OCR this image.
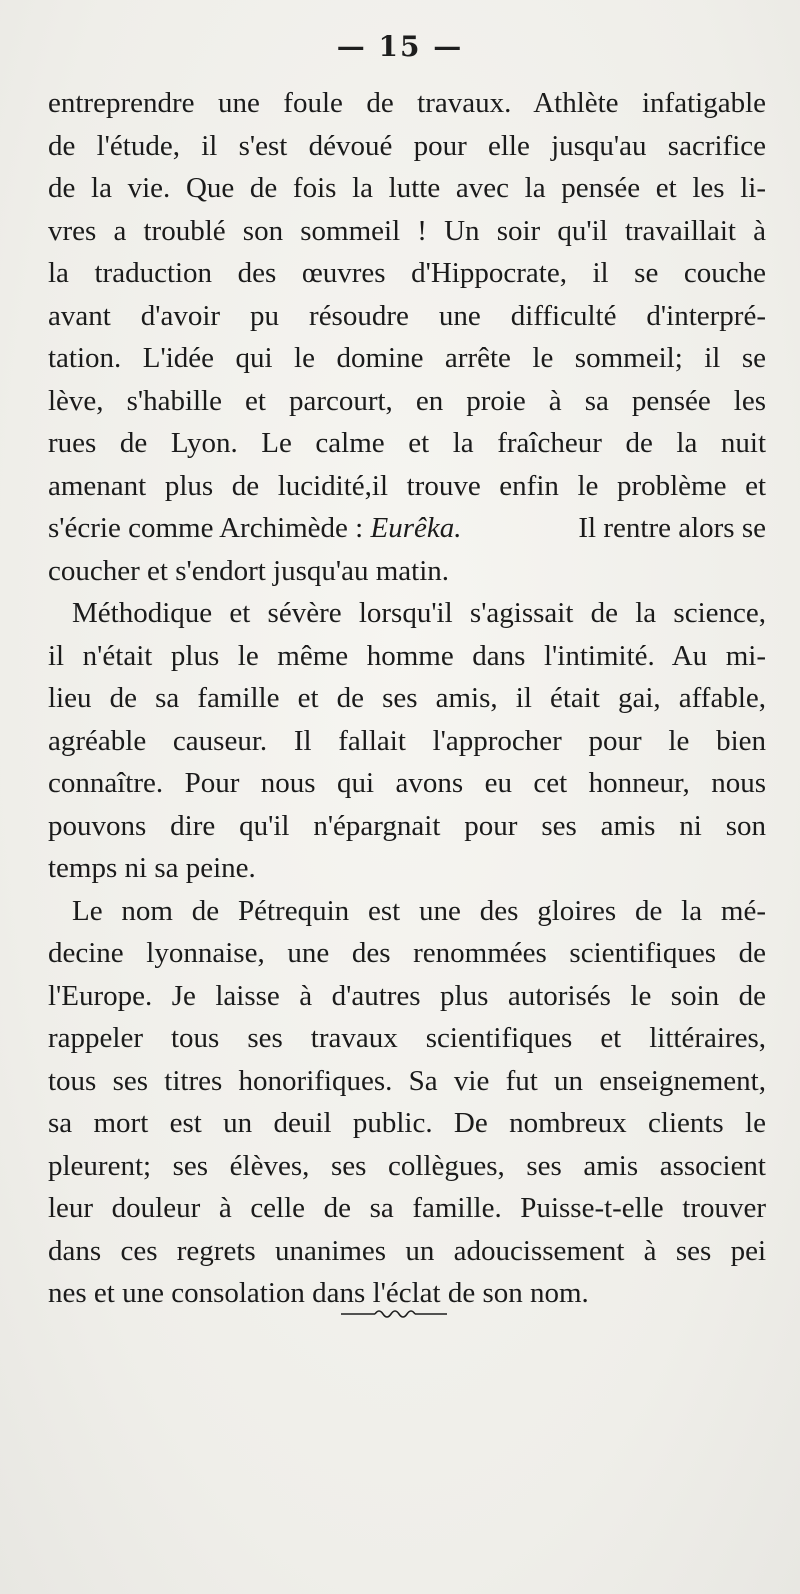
— 15 —
entreprendre une foule de travaux. Athlète infatigable
de l'étude, il s'est dévoué pour elle jusqu'au sacrifice
de la vie. Que de fois la lutte avec la pensée et les li-
vres a troublé son sommeil ! Un soir qu'il travaillait à
la traduction des œuvres d'Hippocrate, il se couche
avant d'avoir pu résoudre une difficulté d'interpré-
tation. L'idée qui le domine arrête le sommeil; il se
lève, s'habille et parcourt, en proie à sa pensée les
rues de Lyon. Le calme et la fraîcheur de la nuit
amenant plus de lucidité,il trouve enfin le problème et
s'écrie comme Archimède : Eurêka.	Il rentre alors se
coucher et s'endort jusqu'au matin.
Méthodique et sévère lorsqu'il s'agissait de la science,
il n'était plus le même homme dans l'intimité. Au mi-
lieu de sa famille et de ses amis, il était gai, affable,
agréable causeur. Il fallait l'approcher pour le bien
connaître. Pour nous qui avons eu cet honneur, nous
pouvons dire qu'il n'épargnait pour ses amis ni son
temps ni sa peine.
Le nom de Pétrequin est une des gloires de la mé-
decine lyonnaise, une des renommées scientifiques de
l'Europe. Je laisse à d'autres plus autorisés le soin de
rappeler tous ses travaux scientifiques et littéraires,
tous ses titres honorifiques. Sa vie fut un enseignement,
sa mort est un deuil public. De nombreux clients le
pleurent; ses élèves, ses collègues, ses amis associent
leur douleur à celle de sa famille. Puisse-t-elle trouver
dans ces regrets unanimes un adoucissement à ses pei
nes et une consolation dans l'éclat de son nom.
